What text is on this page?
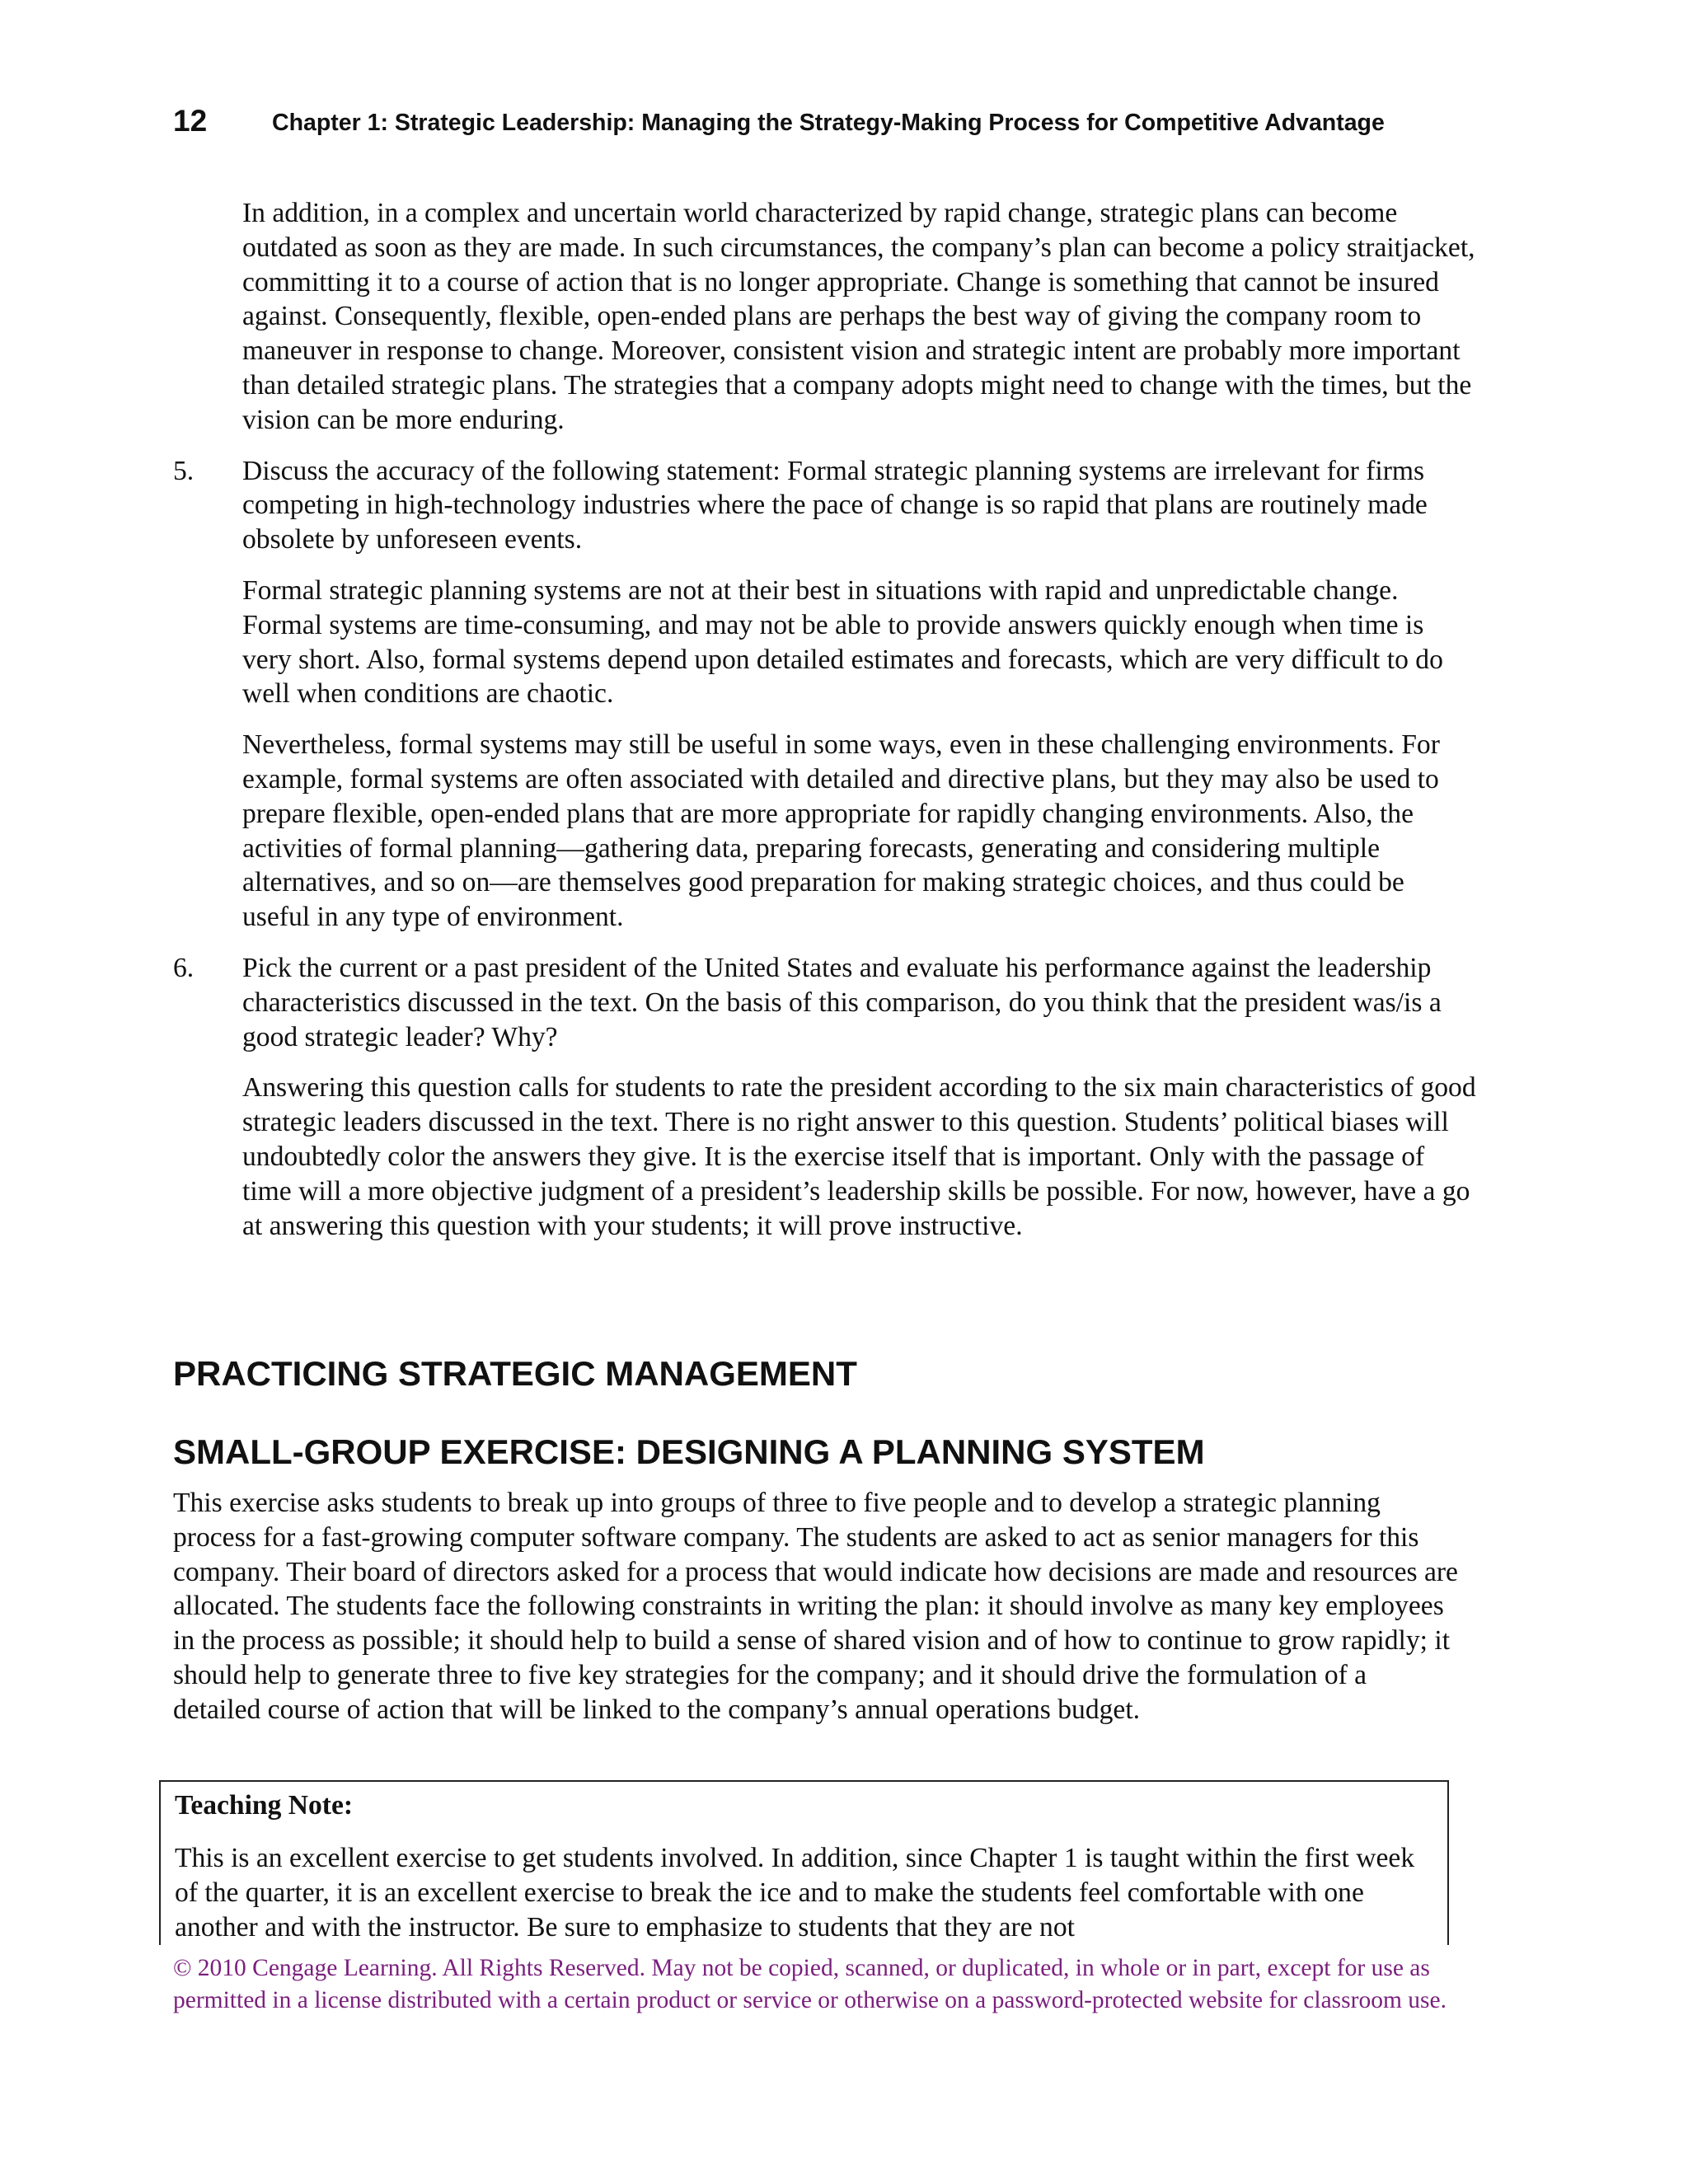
12	Chapter 1: Strategic Leadership: Managing the Strategy-Making Process for Competitive Advantage

In addition, in a complex and uncertain world characterized by rapid change, strategic plans can become outdated as soon as they are made. In such circumstances, the company’s plan can become a policy straitjacket, committing it to a course of action that is no longer appropriate. Change is something that cannot be insured against. Consequently, flexible, open-ended plans are perhaps the best way of giving the company room to maneuver in response to change. Moreover, consistent vision and strategic intent are probably more important than detailed strategic plans. The strategies that a company adopts might need to change with the times, but the vision can be more enduring.

5. Discuss the accuracy of the following statement: Formal strategic planning systems are irrelevant for firms competing in high-technology industries where the pace of change is so rapid that plans are routinely made obsolete by unforeseen events.

Formal strategic planning systems are not at their best in situations with rapid and unpredictable change. Formal systems are time-consuming, and may not be able to provide answers quickly enough when time is very short. Also, formal systems depend upon detailed estimates and forecasts, which are very difficult to do well when conditions are chaotic.

Nevertheless, formal systems may still be useful in some ways, even in these challenging environments. For example, formal systems are often associated with detailed and directive plans, but they may also be used to prepare flexible, open-ended plans that are more appropriate for rapidly changing environments. Also, the activities of formal planning—gathering data, preparing forecasts, generating and considering multiple alternatives, and so on—are themselves good preparation for making strategic choices, and thus could be useful in any type of environment.

6. Pick the current or a past president of the United States and evaluate his performance against the leadership characteristics discussed in the text. On the basis of this comparison, do you think that the president was/is a good strategic leader? Why?

Answering this question calls for students to rate the president according to the six main characteristics of good strategic leaders discussed in the text. There is no right answer to this question. Students’ political biases will undoubtedly color the answers they give. It is the exercise itself that is important. Only with the passage of time will a more objective judgment of a president’s leadership skills be possible. For now, however, have a go at answering this question with your students; it will prove instructive.

PRACTICING STRATEGIC MANAGEMENT
SMALL-GROUP EXERCISE: DESIGNING A PLANNING SYSTEM
This exercise asks students to break up into groups of three to five people and to develop a strategic planning process for a fast-growing computer software company. The students are asked to act as senior managers for this company. Their board of directors asked for a process that would indicate how decisions are made and resources are allocated. The students face the following constraints in writing the plan: it should involve as many key employees in the process as possible; it should help to build a sense of shared vision and of how to continue to grow rapidly; it should help to generate three to five key strategies for the company; and it should drive the formulation of a detailed course of action that will be linked to the company’s annual operations budget.
Teaching Note:
This is an excellent exercise to get students involved. In addition, since Chapter 1 is taught within the first week of the quarter, it is an excellent exercise to break the ice and to make the students feel comfortable with one another and with the instructor. Be sure to emphasize to students that they are not
© 2010 Cengage Learning. All Rights Reserved. May not be copied, scanned, or duplicated, in whole or in part, except for use as permitted in a license distributed with a certain product or service or otherwise on a password-protected website for classroom use.
